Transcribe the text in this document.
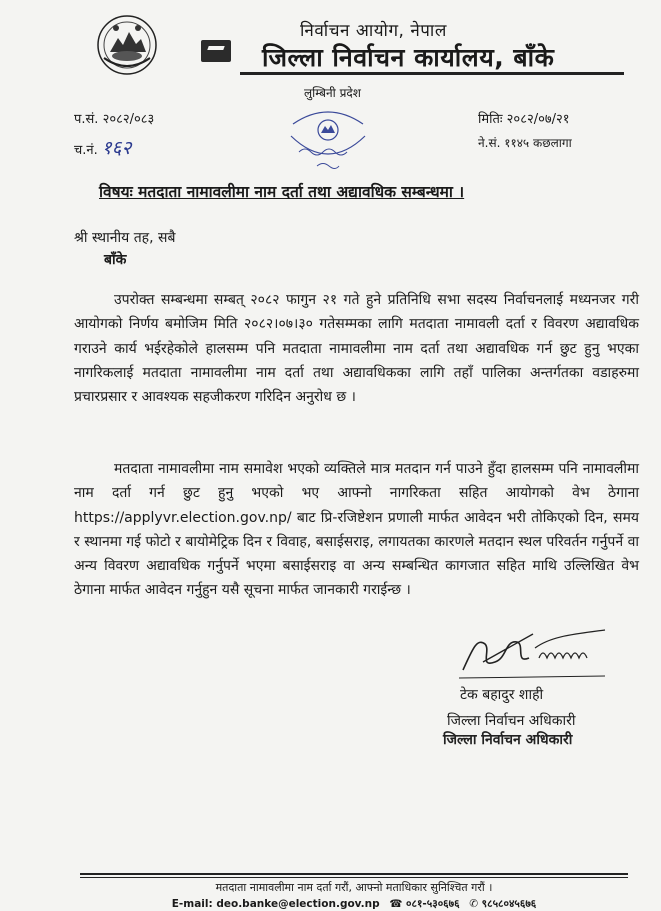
निर्वाचन आयोग, नेपाल
जिल्ला निर्वाचन कार्यालय, बाँके
लुम्बिनी प्रदेश
प.सं. २०८२/०८३
च.नं. १६२
मितिः २०८२/०७/२१
ने.सं. ११४५ कछलागा
विषयः मतदाता नामावलीमा नाम दर्ता तथा अद्यावधिक सम्बन्धमा ।
श्री स्थानीय तह, सबै
बाँके

उपरोक्त सम्बन्धमा सम्बत् २०८२ फागुन २१ गते हुने प्रतिनिधि सभा सदस्य निर्वाचनलाई मध्यनजर गरी आयोगको निर्णय बमोजिम मिति २०८२।०७।३० गतेसम्मका लागि मतदाता नामावली दर्ता र विवरण अद्यावधिक गराउने कार्य भईरहेकोले हालसम्म पनि मतदाता नामावलीमा नाम दर्ता तथा अद्यावधिक गर्न छुट हुनु भएका नागरिकलाई मतदाता नामावलीमा नाम दर्ता तथा अद्यावधिकका लागि तहाँ पालिका अन्तर्गतका वडाहरुमा प्रचारप्रसार र आवश्यक सहजीकरण गरिदिन अनुरोध छ ।

मतदाता नामावलीमा नाम समावेश भएको व्यक्तिले मात्र मतदान गर्न पाउने हुँदा हालसम्म पनि नामावलीमा नाम दर्ता गर्न छुट हुनु भएको भए आफ्नो नागरिकता सहित आयोगको वेभ ठेगाना https://applyvr.election.gov.np/ बाट प्रि-रजिष्टेशन प्रणाली मार्फत आवेदन भरी तोकिएको दिन, समय र स्थानमा गई फोटो र बायोमेट्रिक दिन र विवाह, बसाईसराइ, लगायतका कारणले मतदान स्थल परिवर्तन गर्नुपर्ने वा अन्य विवरण अद्यावधिक गर्नुपर्ने भएमा बसाईसराइ वा अन्य सम्बन्धित कागजात सहित माथि उल्लिखित वेभ ठेगाना मार्फत आवेदन गर्नुहुन यसै सूचना मार्फत जानकारी गराईन्छ ।

टेक बहादुर शाही
जिल्ला निर्वाचन अधिकारी
जिल्ला निर्वाचन अधिकारी
मतदाता नामावलीमा नाम दर्ता गरौं, आफ्नो मताधिकार सुनिश्चित गरौं ।
E-mail: deo.banke@election.gov.np ☎ ०८१-५३०६७६ ✆ ९८५८०४५६७६
